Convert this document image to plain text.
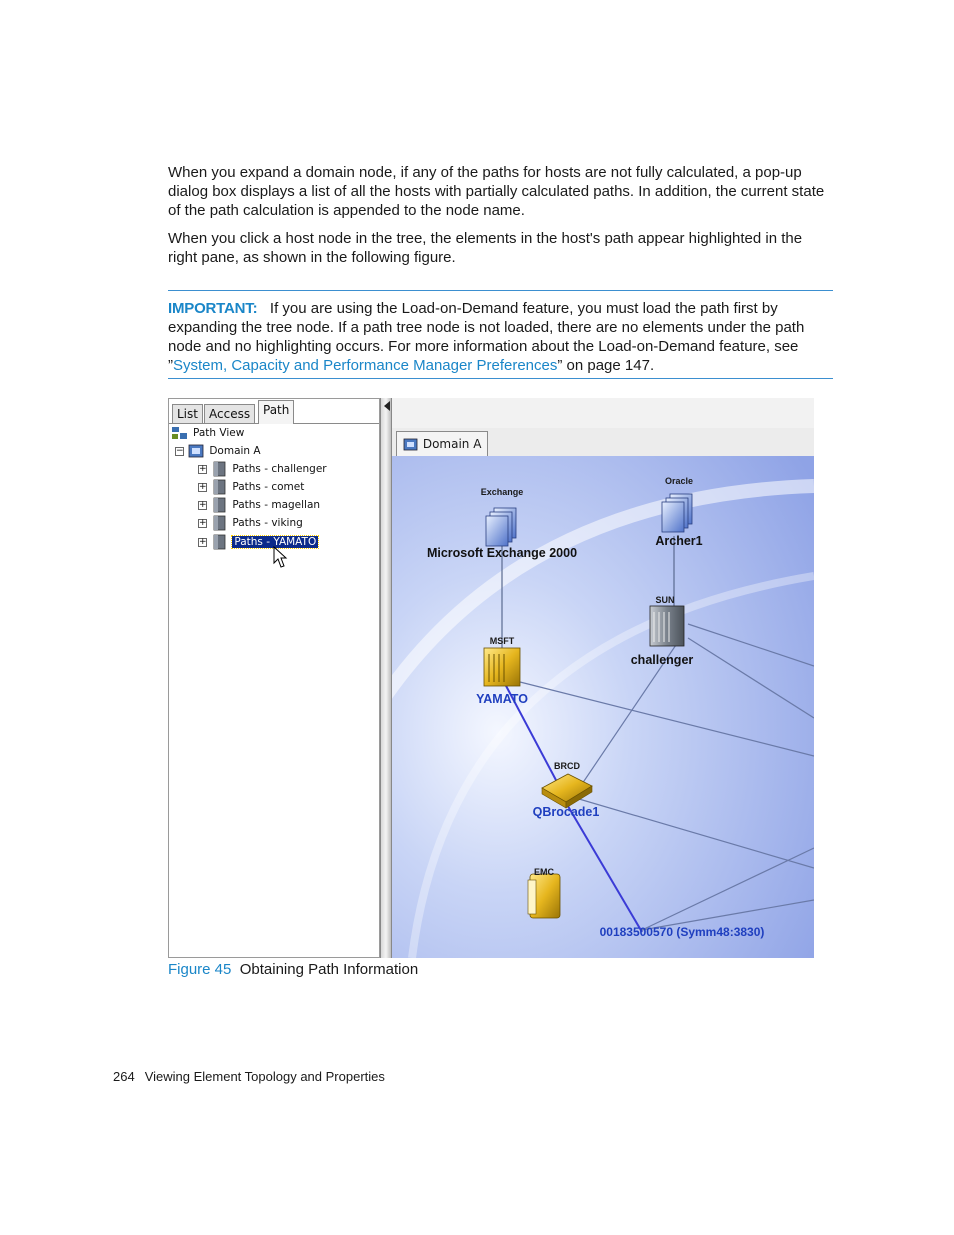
When you expand a domain node, if any of the paths for hosts are not fully calculated, a pop-up dialog box displays a list of all the hosts with partially calculated paths. In addition, the current state of the path calculation is appended to the node name.

When you click a host node in the tree, the elements in the host's path appear highlighted in the right pane, as shown in the following figure.

IMPORTANT: If you are using the Load-on-Demand feature, you must load the path first by expanding the tree node. If a path tree node is not loaded, there are no elements under the path node and no highlighting occurs. For more information about the Load-on-Demand feature, see ”System, Capacity and Performance Manager Preferences” on page 147.

List Access	Path
Path View
− Domain A
+ Paths - challenger
+ Paths - comet
+ Paths - magellan
+ Paths - viking
+	Paths - YAMATO
Domain A
Exchange
Microsoft Exchange 2000
Oracle
Archer1
SUN
challenger
MSFT
YAMATO
BRCD
QBrocade1
EMC
00183500570 (Symm48:3830)
Figure 45 Obtaining Path Information
264 Viewing Element Topology and Properties
